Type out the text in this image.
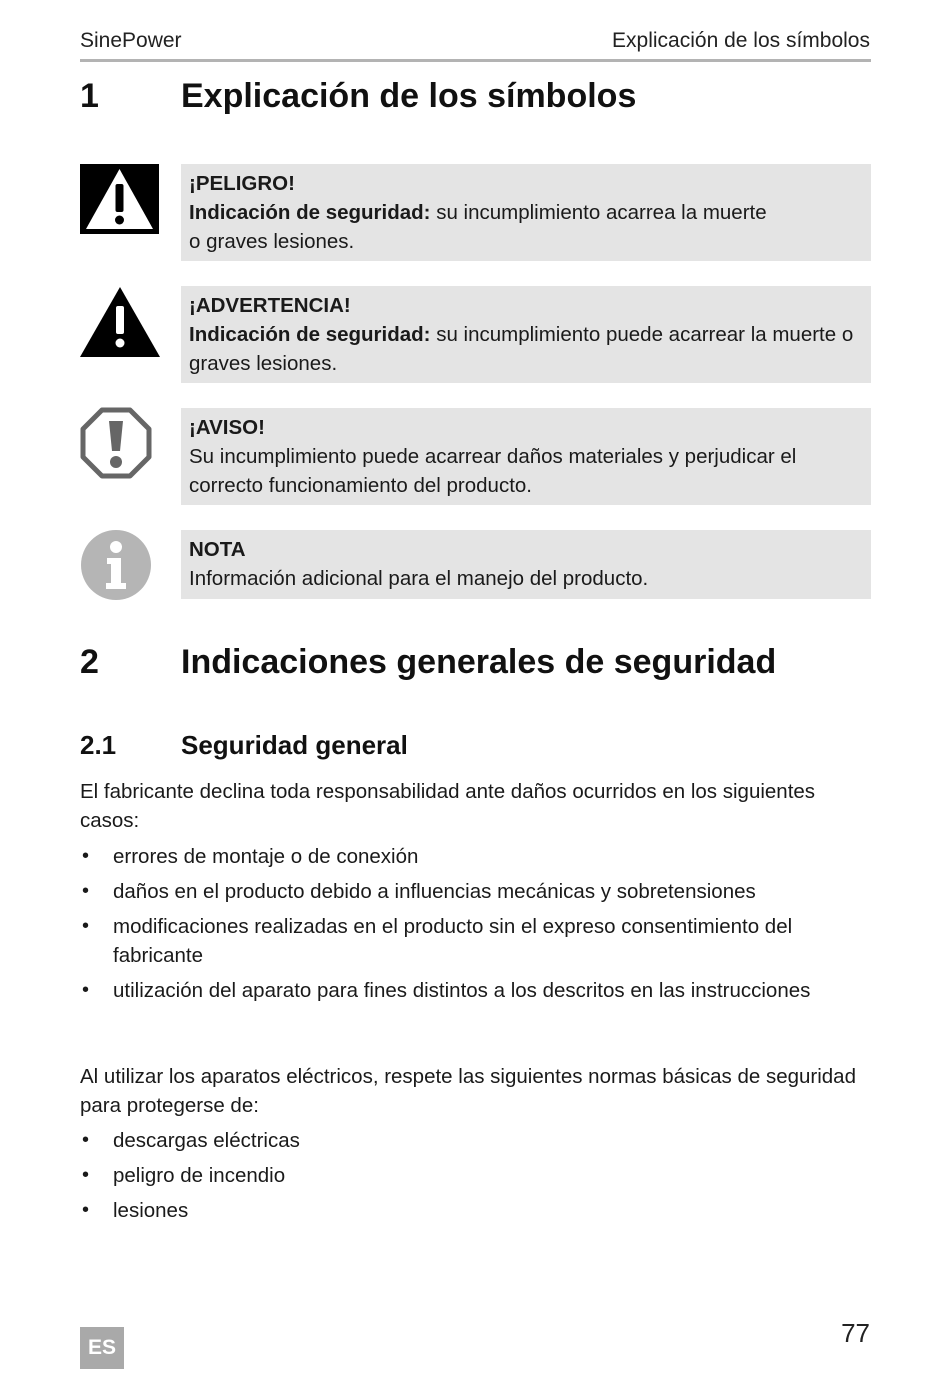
SinePower	Explicación de los símbolos
1 Explicación de los símbolos
¡PELIGRO!
Indicación de seguridad: su incumplimiento acarrea la muerte
o graves lesiones.
¡ADVERTENCIA!
Indicación de seguridad: su incumplimiento puede acarrear la muerte o graves lesiones.
¡AVISO!
Su incumplimiento puede acarrear daños materiales y perjudicar el correcto funcionamiento del producto.
NOTA
Información adicional para el manejo del producto.
2 Indicaciones generales de seguridad
2.1 Seguridad general
El fabricante declina toda responsabilidad ante daños ocurridos en los siguientes casos:
• errores de montaje o de conexión
• daños en el producto debido a influencias mecánicas y sobretensiones
• modificaciones realizadas en el producto sin el expreso consentimiento del fabricante
• utilización del aparato para fines distintos a los descritos en las instrucciones
Al utilizar los aparatos eléctricos, respete las siguientes normas básicas de seguridad para protegerse de:
• descargas eléctricas
• peligro de incendio
• lesiones
77
ES
